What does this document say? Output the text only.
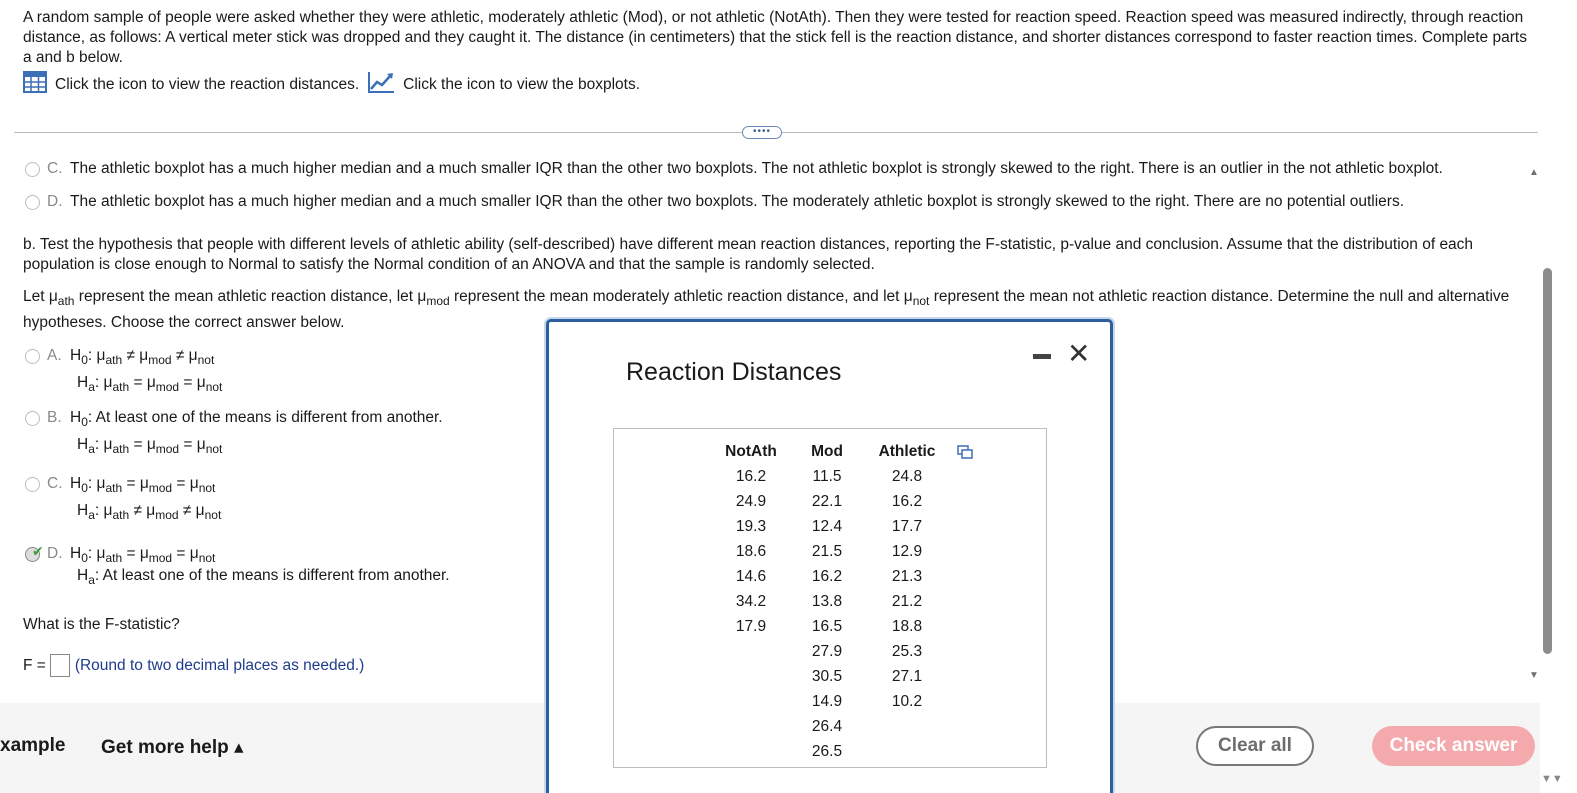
A random sample of people were asked whether they were athletic, moderately athletic (Mod), or not athletic (NotAth). Then they were tested for reaction speed. Reaction speed was measured indirectly, through reaction distance, as follows: A vertical meter stick was dropped and they caught it. The distance (in centimeters) that the stick fell is the reaction distance, and shorter distances correspond to faster reaction times. Complete parts a and b below.
Click the icon to view the reaction distances.	Click the icon to view the boxplots.
••••
C. The athletic boxplot has a much higher median and a much smaller IQR than the other two boxplots. The not athletic boxplot is strongly skewed to the right. There is an outlier in the not athletic boxplot.
D. The athletic boxplot has a much higher median and a much smaller IQR than the other two boxplots. The moderately athletic boxplot is strongly skewed to the right. There are no potential outliers.
b. Test the hypothesis that people with different levels of athletic ability (self-described) have different mean reaction distances, reporting the F-statistic, p-value and conclusion. Assume that the distribution of each population is close enough to Normal to satisfy the Normal condition of an ANOVA and that the sample is randomly selected.
Let $\mu_{ath}$ represent the mean athletic reaction distance, let $\mu_{mod}$ represent the mean moderately athletic reaction distance, and let $\mu_{not}$ represent the mean not athletic reaction distance. Determine the null and alternative hypotheses. Choose the correct answer below.
A. $H_0$: $\mu_{ath} \ne \mu_{mod} \ne \mu_{not}$
$H_a$: $\mu_{ath} = \mu_{mod} = \mu_{not}$
B. $H_0$: At least one of the means is different from another.
$H_a$: $\mu_{ath} = \mu_{mod} = \mu_{not}$
C. $H_0$: $\mu_{ath} = \mu_{mod} = \mu_{not}$
$H_a$: $\mu_{ath} \ne \mu_{mod} \ne \mu_{not}$
✔ D. $H_0$: $\mu_{ath} = \mu_{mod} = \mu_{not}$
$H_a$: At least one of the means is different from another.
What is the F-statistic?
F = (Round to two decimal places as needed.)
xample Get more help ▴	Clear all	Check answer
▲
▼
▼▼
Reaction Distances
✕
NotAth	Mod	Athletic
16.2	11.5	24.8
24.9	22.1	16.2
19.3	12.4	17.7
18.6	21.5	12.9
14.6	16.2	21.3
34.2	13.8	21.2
17.9	16.5	18.8
	27.9	25.3
	30.5	27.1
	14.9	10.2
	26.4	
	26.5	
